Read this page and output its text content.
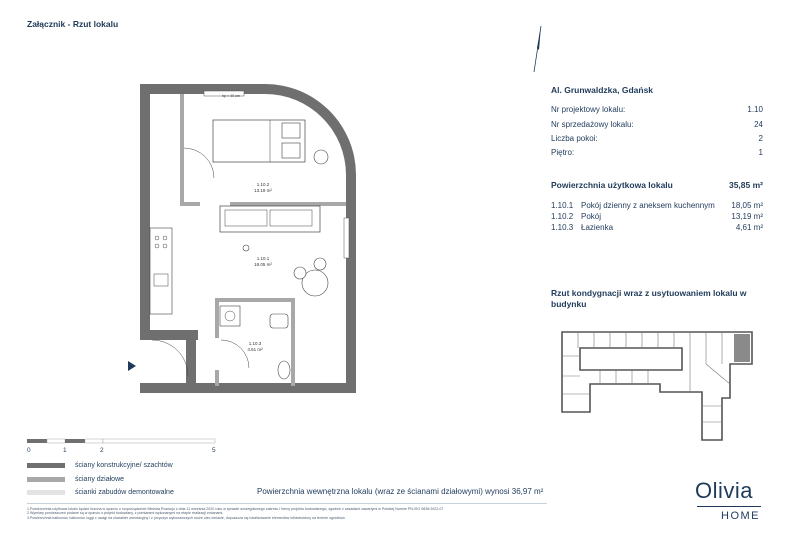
Załącznik - Rzut lokalu
hp = 40 cm
1.10.2
13.19 m²
1.10.1
18.05 m²
1.10.3
4.61 m²
Al. Grunwaldzka, Gdańsk
Nr projektowy lokalu:	1.10
Nr sprzedażowy lokalu:	24
Liczba pokoi:	2
Piętro:	1
Powierzchnia użytkowa lokalu	35,85 m²
1.10.1 Pokój dzienny z aneksem kuchennym	18,05 m²
1.10.2 Pokój	13,19 m²
1.10.3 Łazienka	4,61 m²
Rzut kondygnacji wraz z usytuowaniem lokalu w budynku
0	1	2	5
ściany konstrukcyjne/ szachtów
ściany działowe
ścianki zabudów demontowalne	Powierzchnia wewnętrzna lokalu (wraz ze ścianami działowymi) wynosi 36,97 m²
1.Powierzchnia użytkowa lokalu będzie liczona w oparciu o rozporządzenie Ministra Rozwoju z dnia 11 września 2020 roku w sprawie szczegółowego zakresu i formy projektu budowlanego, zgodnie z zasadami zawartymi w Polskiej Normie PN-ISO 9836:2022-07
2.Wymiary pomieszczeń podane są w oparciu o projekt budowlany, z pomiarami wykonanymi na etapie realizacji zmianami.
3.Powierzchnia balkonów, balkonów, loggi z uwagi na charakter orientacyjny i z przyczyn wykonawczych może ulec zmianie, dopuszcza się lokalizowanie elementów infrastruktury na terenie ogródków.
Olivia
HOME
